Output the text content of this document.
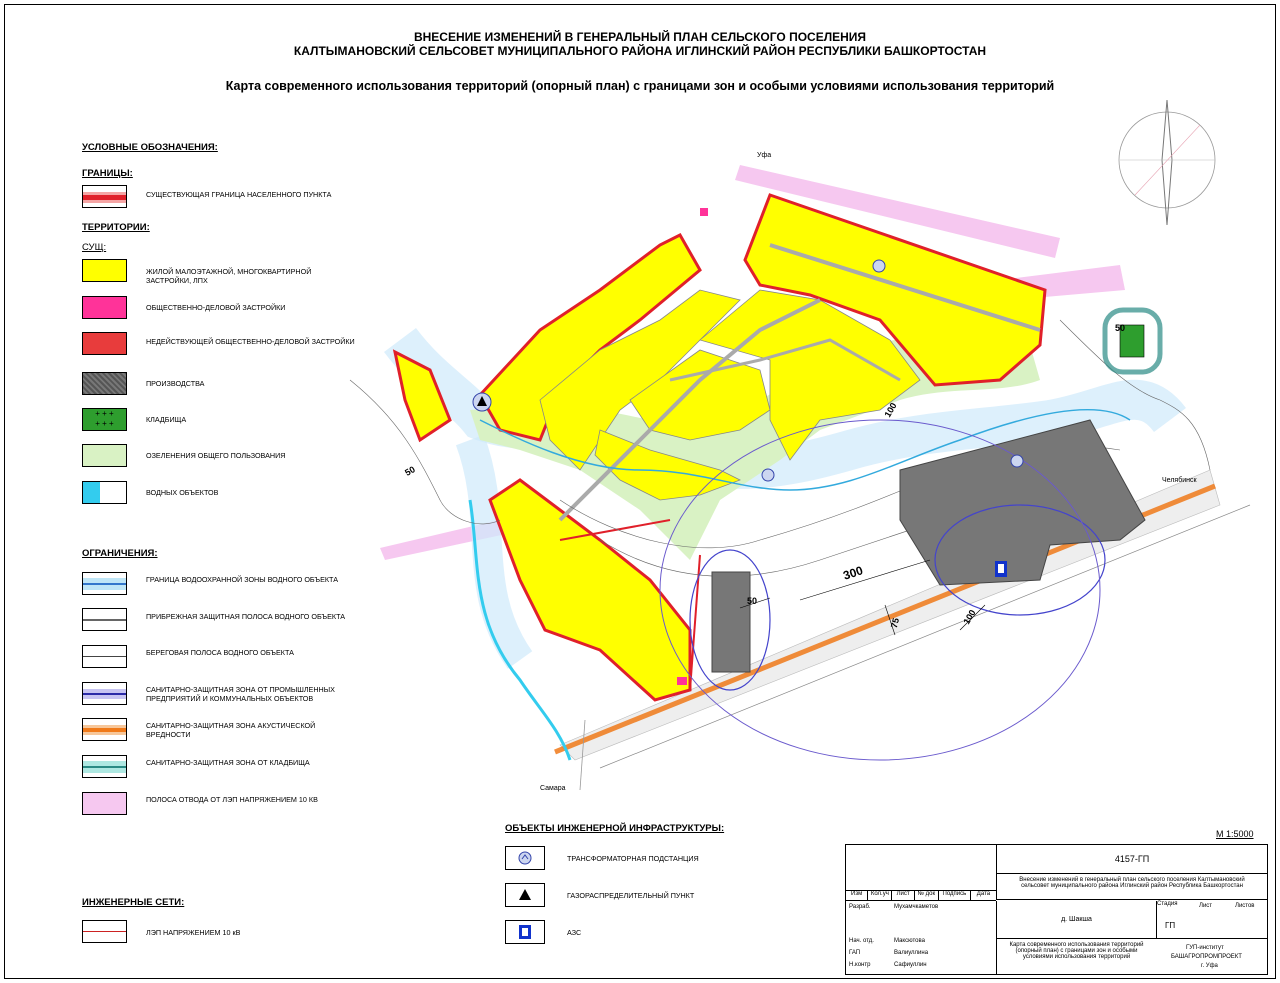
ВНЕСЕНИЕ ИЗМЕНЕНИЙ В ГЕНЕРАЛЬНЫЙ ПЛАН СЕЛЬСКОГО ПОСЕЛЕНИЯ
КАЛТЫМАНОВСКИЙ СЕЛЬСОВЕТ МУНИЦИПАЛЬНОГО РАЙОНА ИГЛИНСКИЙ РАЙОН РЕСПУБЛИКИ БАШКОРТОСТАН
Карта современного использования территорий (опорный план) с границами зон и особыми условиями использования территорий
УСЛОВНЫЕ ОБОЗНАЧЕНИЯ:
ГРАНИЦЫ:
СУЩЕСТВУЮЩАЯ ГРАНИЦА НАСЕЛЕННОГО ПУНКТА
ТЕРРИТОРИИ:
СУЩ:
ЖИЛОЙ МАЛОЭТАЖНОЙ, МНОГОКВАРТИРНОЙ ЗАСТРОЙКИ, ЛПХ
ОБЩЕСТВЕННО-ДЕЛОВОЙ ЗАСТРОЙКИ
НЕДЕЙСТВУЮЩЕЙ ОБЩЕСТВЕННО-ДЕЛОВОЙ ЗАСТРОЙКИ
ПРОИЗВОДСТВА
+ + +
+ + +	КЛАДБИЩА
ОЗЕЛЕНЕНИЯ ОБЩЕГО ПОЛЬЗОВАНИЯ
ВОДНЫХ ОБЪЕКТОВ
ОГРАНИЧЕНИЯ:
ГРАНИЦА ВОДООХРАННОЙ ЗОНЫ ВОДНОГО ОБЪЕКТА
ПРИБРЕЖНАЯ ЗАЩИТНАЯ ПОЛОСА ВОДНОГО ОБЪЕКТА
БЕРЕГОВАЯ ПОЛОСА ВОДНОГО ОБЪЕКТА
САНИТАРНО-ЗАЩИТНАЯ ЗОНА ОТ ПРОМЫШЛЕННЫХ ПРЕДПРИЯТИЙ И КОММУНАЛЬНЫХ ОБЪЕКТОВ
САНИТАРНО-ЗАЩИТНАЯ ЗОНА АКУСТИЧЕСКОЙ ВРЕДНОСТИ
САНИТАРНО-ЗАЩИТНАЯ ЗОНА ОТ КЛАДБИЩА
ПОЛОСА ОТВОДА ОТ ЛЭП НАПРЯЖЕНИЕМ 10 КВ
ИНЖЕНЕРНЫЕ СЕТИ:
ЛЭП НАПРЯЖЕНИЕМ 10 кВ
ОБЪЕКТЫ ИНЖЕНЕРНОЙ ИНФРАСТРУКТУРЫ:
ТРАНСФОРМАТОРНАЯ ПОДСТАНЦИЯ
ГАЗОРАСПРЕДЕЛИТЕЛЬНЫЙ ПУНКТ
АЗС
Уфа
Челябинск
Самара
50
50
50
100
100
300
75
М 1:5000
4157-ГП
Внесение изменений в генеральный план сельского поселения Калтымановский сельсовет муниципального района Иглинский район Республика Башкортостан
Изм	Кол.уч	Лист	№ док	Подпись	Дата
Разраб.	Мухамчкаметов
Нач. отд.	Максютова
ГАП	Валиуллина
Н.контр	Сафиуллин
д. Шакша
Стадия	Лист	Листов
ГП
Карта современного использования территорий (опорный план) с границами зон и особыми условиями использования территорий
ГУП-институт
БАШАГРОПРОМПРОЕКТ
г. Уфа
